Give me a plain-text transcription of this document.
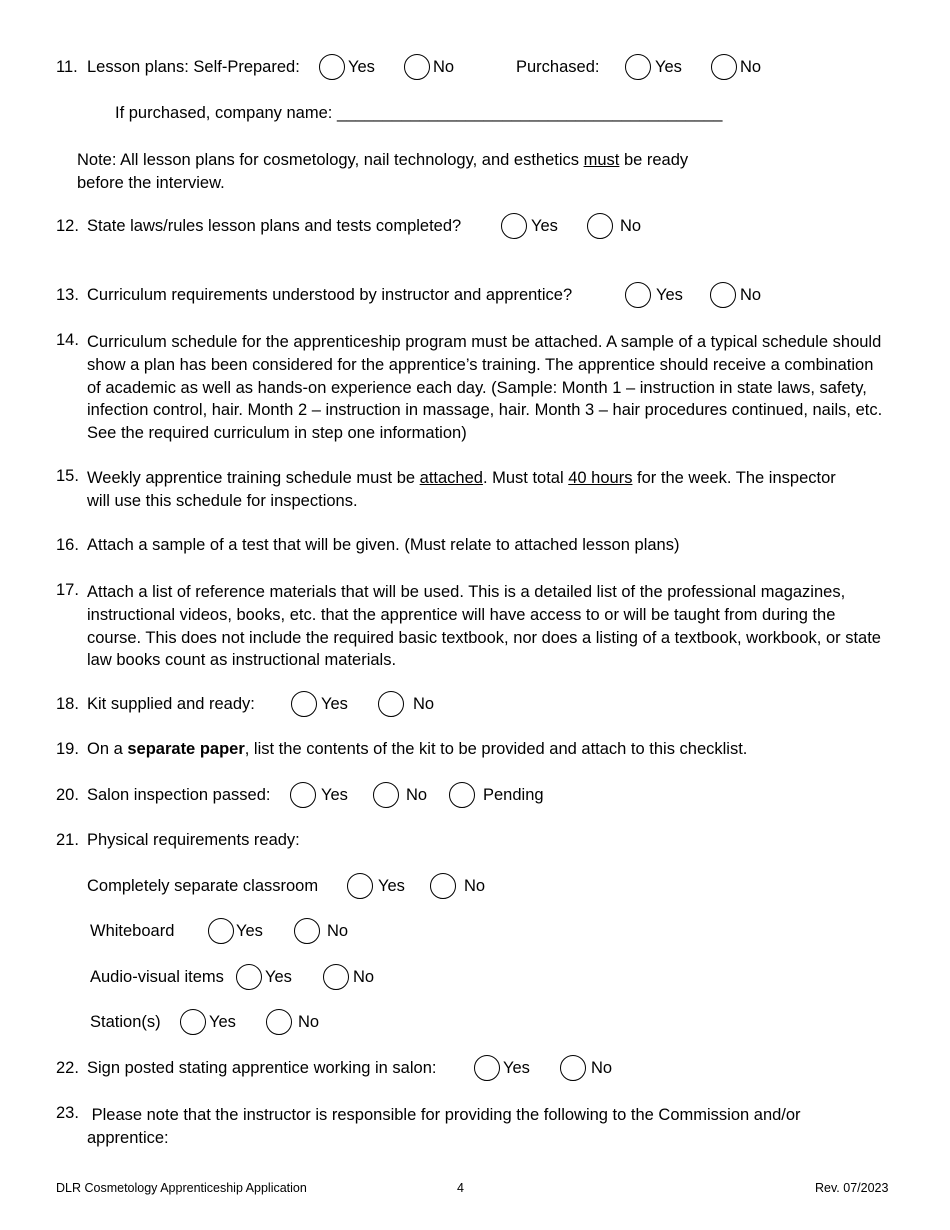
11. Lesson plans: Self-Prepared:	Yes	No	Purchased:	Yes	No
If purchased, company name: __________________________________________
Note: All lesson plans for cosmetology, nail technology, and esthetics must be ready
before the interview.
12. State laws/rules lesson plans and tests completed?	Yes	No
13. Curriculum requirements understood by instructor and apprentice?	Yes	No
14. Curriculum schedule for the apprenticeship program must be attached. A sample of a typical schedule should show a plan has been considered for the apprentice’s training. The apprentice should receive a combination of academic as well as hands-on experience each day. (Sample: Month 1 – instruction in state laws, safety, infection control, hair. Month 2 – instruction in massage, hair. Month 3 – hair procedures continued, nails, etc. See the required curriculum in step one information)
15. Weekly apprentice training schedule must be attached. Must total 40 hours for the week. The inspector will use this schedule for inspections.
16. Attach a sample of a test that will be given. (Must relate to attached lesson plans)
17. Attach a list of reference materials that will be used. This is a detailed list of the professional magazines, instructional videos, books, etc. that the apprentice will have access to or will be taught from during the course. This does not include the required basic textbook, nor does a listing of a textbook, workbook, or state law books count as instructional materials.
18. Kit supplied and ready:	Yes	No
19. On a separate paper, list the contents of the kit to be provided and attach to this checklist.
20. Salon inspection passed:	Yes	No	Pending
21. Physical requirements ready:
Completely separate classroom	Yes	No
Whiteboard	Yes	No
Audio-visual items Yes	No
Station(s)	Yes	No
22. Sign posted stating apprentice working in salon:	Yes	No
23. Please note that the instructor is responsible for providing the following to the Commission and/or apprentice:
DLR Cosmetology Apprenticeship Application	4	Rev. 07/2023
